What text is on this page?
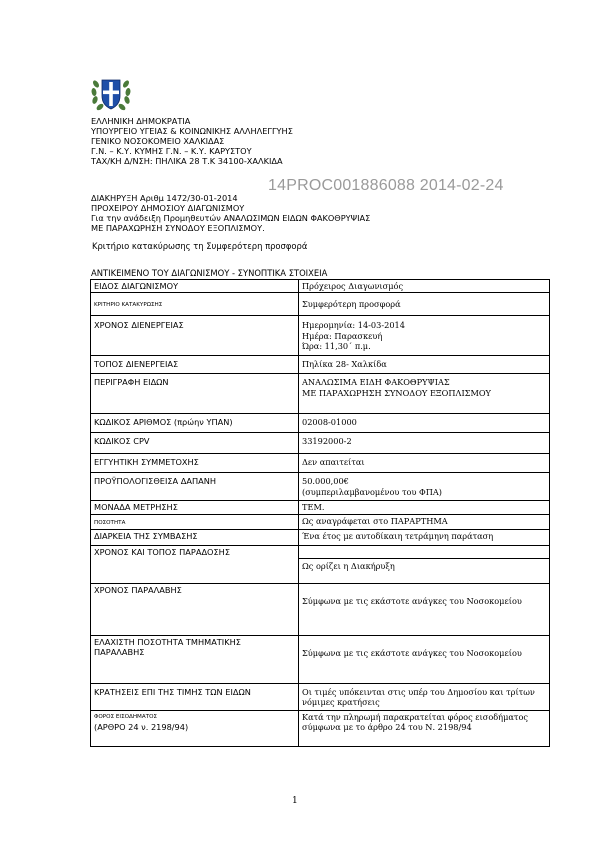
ΕΛΛΗΝΙΚΗ ΔΗΜΟΚΡΑΤΙΑ
ΥΠΟΥΡΓΕΙΟ ΥΓΕΙΑΣ & ΚΟΙΝΩΝΙΚΗΣ ΑΛΛΗΛΕΓΓΥΗΣ
ΓΕΝΙΚΟ ΝΟΣΟΚΟΜΕΙΟ ΧΑΛΚΙΔΑΣ
Γ.Ν. – Κ.Υ. ΚΥΜΗΣ Γ.Ν. – Κ.Υ. ΚΑΡΥΣΤΟΥ
ΤΑΧ/ΚΗ Δ/ΝΣΗ: ΠΗΛΙΚΑ 28 Τ.Κ 34100-ΧΑΛΚΙΔΑ
14PROC001886088 2014-02-24
ΔΙΑΚΗΡΥΞΗ Αριθμ 1472/30-01-2014
ΠΡΟΧΕΙΡΟΥ ΔΗΜΟΣΙΟΥ ΔΙΑΓΩΝΙΣΜΟΥ
Για την ανάδειξη Προμηθευτών ΑΝΑΛΩΣΙΜΩΝ ΕΙΔΩΝ ΦΑΚΟΘΡΥΨΙΑΣ
ΜΕ ΠΑΡΑΧΩΡΗΣΗ ΣΥΝΟΔΟΥ ΕΞΟΠΛΙΣΜΟΥ.
Κριτήριο κατακύρωσης τη Συμφερότερη προσφορά
ΑΝΤΙΚΕΙΜΕΝΟ ΤΟΥ ΔΙΑΓΩΝΙΣΜΟΥ - ΣΥΝΟΠΤΙΚΑ ΣΤΟΙΧΕΙΑ
ΕΙΔΟΣ ΔΙΑΓΩΝΙΣΜΟΥ	Πρόχειρος Διαγωνισμός
ΚΡΙΤΗΡΙΟ ΚΑΤΑΚΥΡΩΣΗΣ	Συμφερότερη προσφορά
ΧΡΟΝΟΣ ΔΙΕΝΕΡΓΕΙΑΣ	Ημερομηνία: 14-03-2014
Ημέρα: Παρασκευή
Ώρα: 11,30΄ π.μ.

ΤΟΠΟΣ ΔΙΕΝΕΡΓΕΙΑΣ	Πηλίκα 28- Χαλκίδα
ΠΕΡΙΓΡΑΦΗ ΕΙΔΩΝ	ΑΝΑΛΩΣΙΜΑ ΕΙΔΗ ΦΑΚΟΘΡΥΨΙΑΣ
ΜΕ ΠΑΡΑΧΩΡΗΣΗ ΣΥΝΟΔΟΥ ΕΞΟΠΛΙΣΜΟΥ

ΚΩΔΙΚΟΣ ΑΡΙΘΜΟΣ (πρώην ΥΠΑΝ)	02008-01000
ΚΩΔΙΚΟΣ CPV	33192000-2
ΕΓΓΥΗΤΙΚΗ ΣΥΜΜΕΤΟΧΗΣ	Δεν απαιτείται
ΠΡΟΫΠΟΛΟΓΙΣΘΕΙΣΑ ΔΑΠΑΝΗ	50.000,00€
(συμπεριλαμβανομένου του ΦΠΑ)

ΜΟΝΑΔΑ ΜΕΤΡΗΣΗΣ	ΤΕΜ.
ΠΟΣΟΤΗΤΑ	Ως αναγράφεται στο ΠΑΡΑΡΤΗΜΑ
ΔΙΑΡΚΕΙΑ ΤΗΣ ΣΥΜΒΑΣΗΣ	Ένα έτος με αυτοδίκαιη τετράμηνη παράταση
ΧΡΟΝΟΣ ΚΑΙ ΤΟΠΟΣ ΠΑΡΑΔΟΣΗΣ	Ως ορίζει η Διακήρυξη

ΧΡΟΝΟΣ ΠΑΡΑΛΑΒΗΣ	Σύμφωνα με τις εκάστοτε ανάγκες του Νοσοκομείου

ΕΛΑΧΙΣΤΗ ΠΟΣΟΤΗΤΑ ΤΜΗΜΑΤΙΚΗΣ
ΠΑΡΑΛΑΒΗΣ	Σύμφωνα με τις εκάστοτε ανάγκες του Νοσοκομείου
ΚΡΑΤΗΣΕΙΣ ΕΠΙ ΤΗΣ ΤΙΜΗΣ ΤΩΝ ΕΙΔΩΝ	Οι τιμές υπόκεινται στις υπέρ του Δημοσίου και τρίτων νόμιμες κρατήσεις

ΦΟΡΟΣ ΕΙΣΟΔΗΜΑΤΟΣ
(ΑΡΘΡΟ 24 ν. 2198/94)	Κατά την πληρωμή παρακρατείται φόρος εισοδήματος σύμφωνα με το άρθρο 24 του Ν. 2198/94
1
